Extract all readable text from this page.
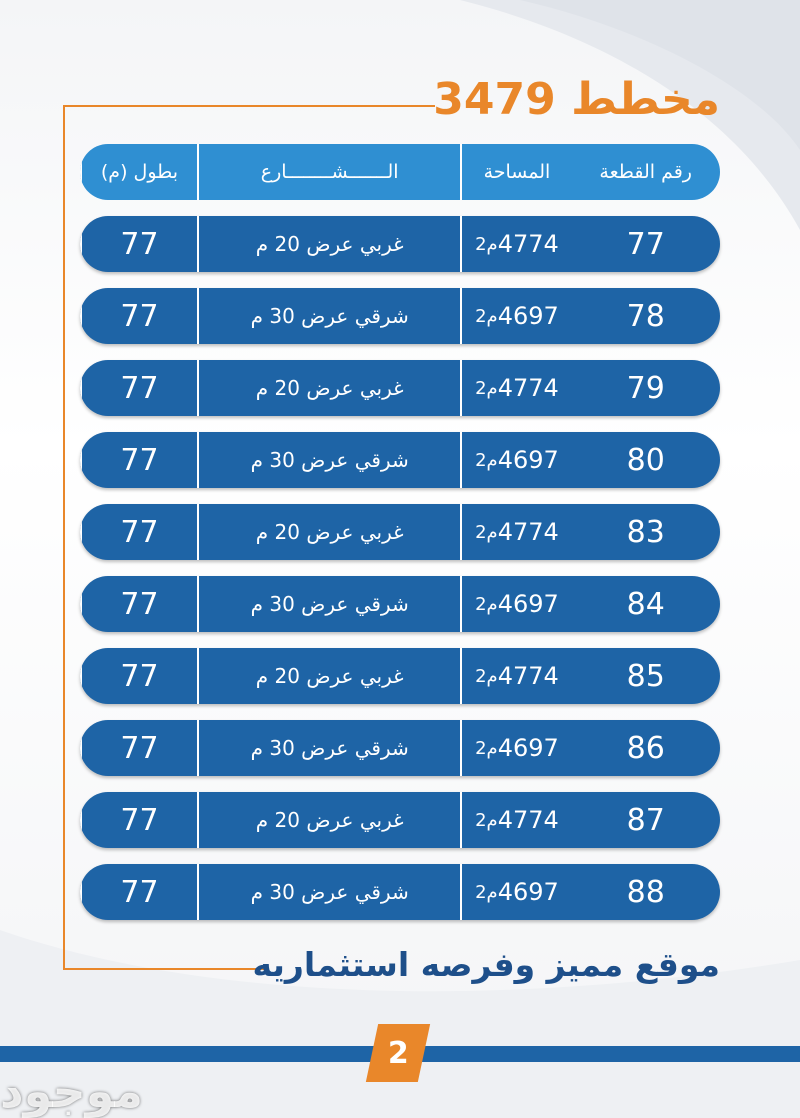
مخطط 3479
رقم القطعة
المساحة
الـــــــشــــــــارع
بطول (م)
77
4774
م2
غربي عرض 20 م
77
78
4697
م2
شرقي عرض 30 م
77
79
4774
م2
غربي عرض 20 م
77
80
4697
م2
شرقي عرض 30 م
77
83
4774
م2
غربي عرض 20 م
77
84
4697
م2
شرقي عرض 30 م
77
85
4774
م2
غربي عرض 20 م
77
86
4697
م2
شرقي عرض 30 م
77
87
4774
م2
غربي عرض 20 م
77
88
4697
م2
شرقي عرض 30 م
77

موقع مميز وفرصه استثماريه

2

موجود
